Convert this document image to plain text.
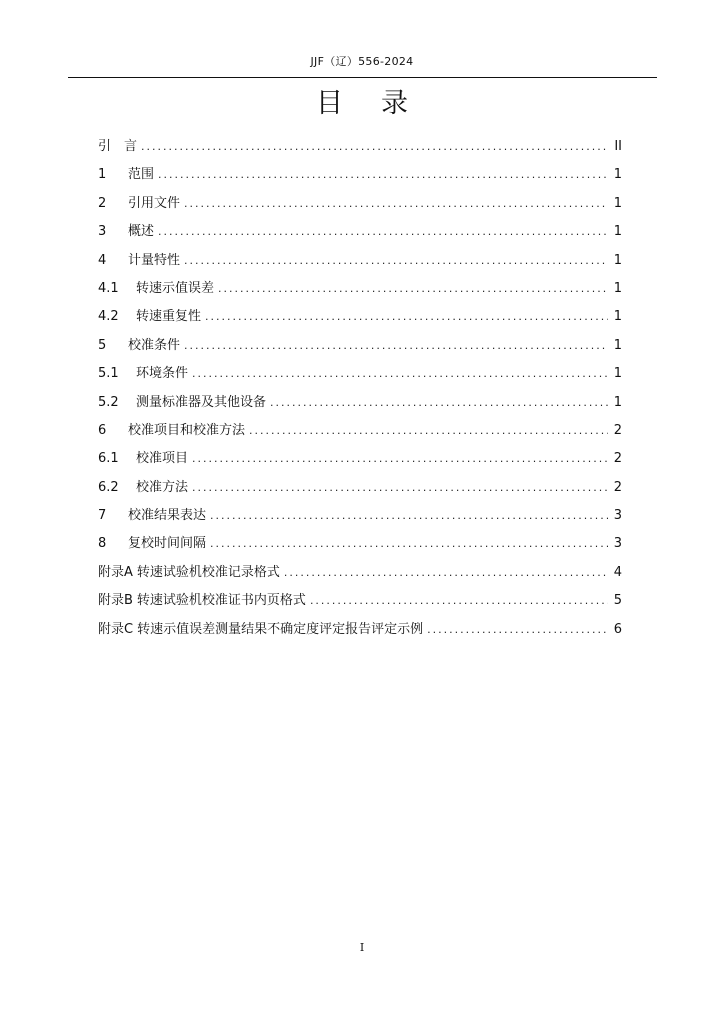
JJF（辽）556-2024
目录
引　言 .....	II
1	范围 .....	1
2	引用文件 .....	1
3	概述 .....	1
4	计量特性 .....	1
4.1	转速示值误差 .....	1
4.2	转速重复性 .....	1
5	校准条件 .....	1
5.1	环境条件 .....	1
5.2	测量标准器及其他设备 .....	1
6	校准项目和校准方法 .....	2
6.1	校准项目 .....	2
6.2	校准方法 .....	2
7	校准结果表达 .....	3
8	复校时间间隔 .....	3
附录A 转速试验机校准记录格式 .....	4
附录B 转速试验机校准证书内页格式 .....	5
附录C 转速示值误差测量结果不确定度评定报告评定示例 .....	6
I
